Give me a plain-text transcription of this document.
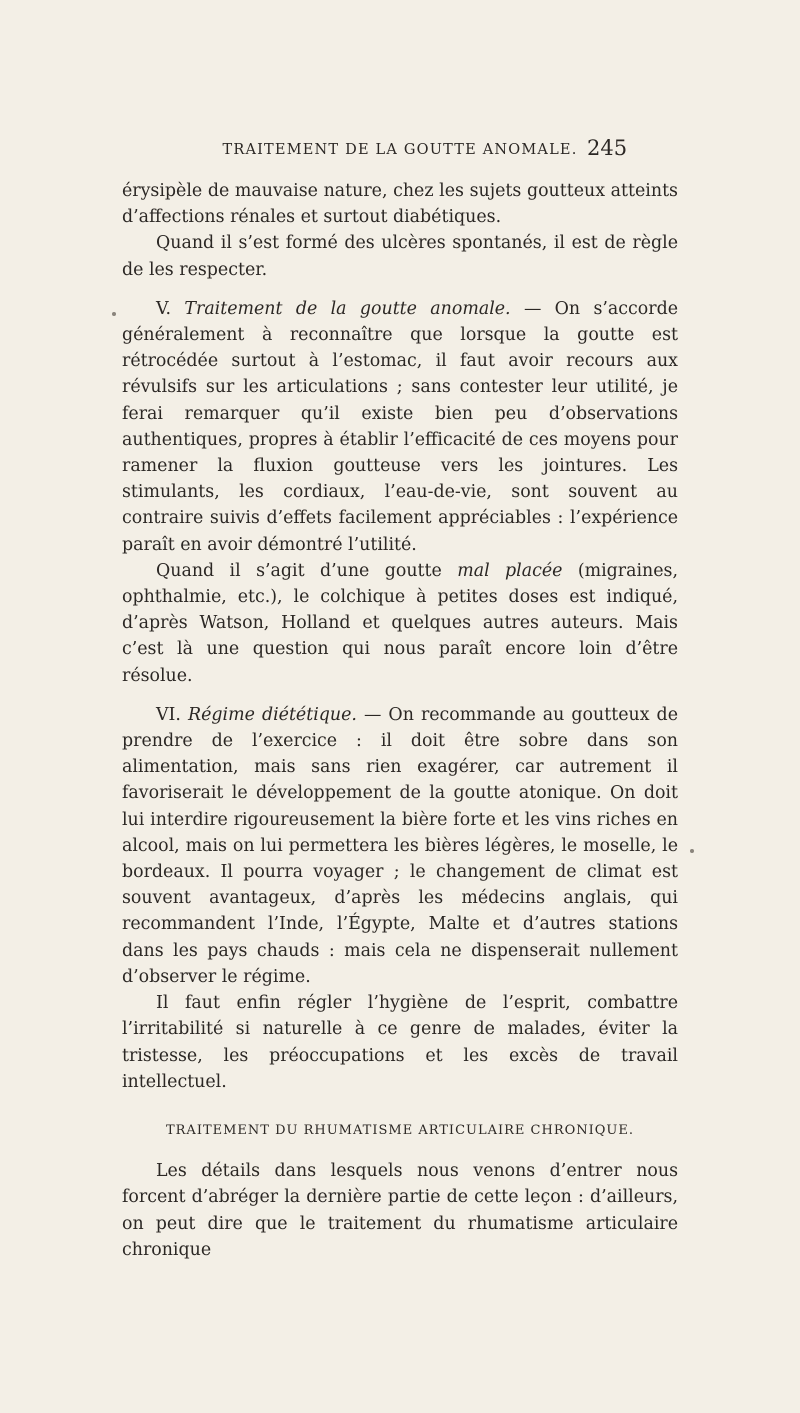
TRAITEMENT DE LA GOUTTE ANOMALE. 245

érysipèle de mauvaise nature, chez les sujets goutteux atteints d’affections rénales et surtout diabétiques.

Quand il s’est formé des ulcères spontanés, il est de règle de les respecter.

V. Traitement de la goutte anomale. — On s’accorde généralement à reconnaître que lorsque la goutte est rétrocédée surtout à l’estomac, il faut avoir recours aux révulsifs sur les articulations ; sans contester leur utilité, je ferai remarquer qu’il existe bien peu d’observations authentiques, propres à établir l’efficacité de ces moyens pour ramener la fluxion goutteuse vers les jointures. Les stimulants, les cordiaux, l’eau-de-vie, sont souvent au contraire suivis d’effets facilement appréciables : l’expérience paraît en avoir démontré l’utilité.

Quand il s’agit d’une goutte mal placée (migraines, ophthalmie, etc.), le colchique à petites doses est indiqué, d’après Watson, Holland et quelques autres auteurs. Mais c’est là une question qui nous paraît encore loin d’être résolue.

VI. Régime diététique. — On recommande au goutteux de prendre de l’exercice : il doit être sobre dans son alimentation, mais sans rien exagérer, car autrement il favoriserait le développement de la goutte atonique. On doit lui interdire rigoureusement la bière forte et les vins riches en alcool, mais on lui permettera les bières légères, le moselle, le bordeaux. Il pourra voyager ; le changement de climat est souvent avantageux, d’après les médecins anglais, qui recommandent l’Inde, l’Égypte, Malte et d’autres stations dans les pays chauds : mais cela ne dispenserait nullement d’observer le régime.

Il faut enfin régler l’hygiène de l’esprit, combattre l’irritabilité si naturelle à ce genre de malades, éviter la tristesse, les préoccupations et les excès de travail intellectuel.

TRAITEMENT DU RHUMATISME ARTICULAIRE CHRONIQUE.

Les détails dans lesquels nous venons d’entrer nous forcent d’abréger la dernière partie de cette leçon : d’ailleurs, on peut dire que le traitement du rhumatisme articulaire chronique
